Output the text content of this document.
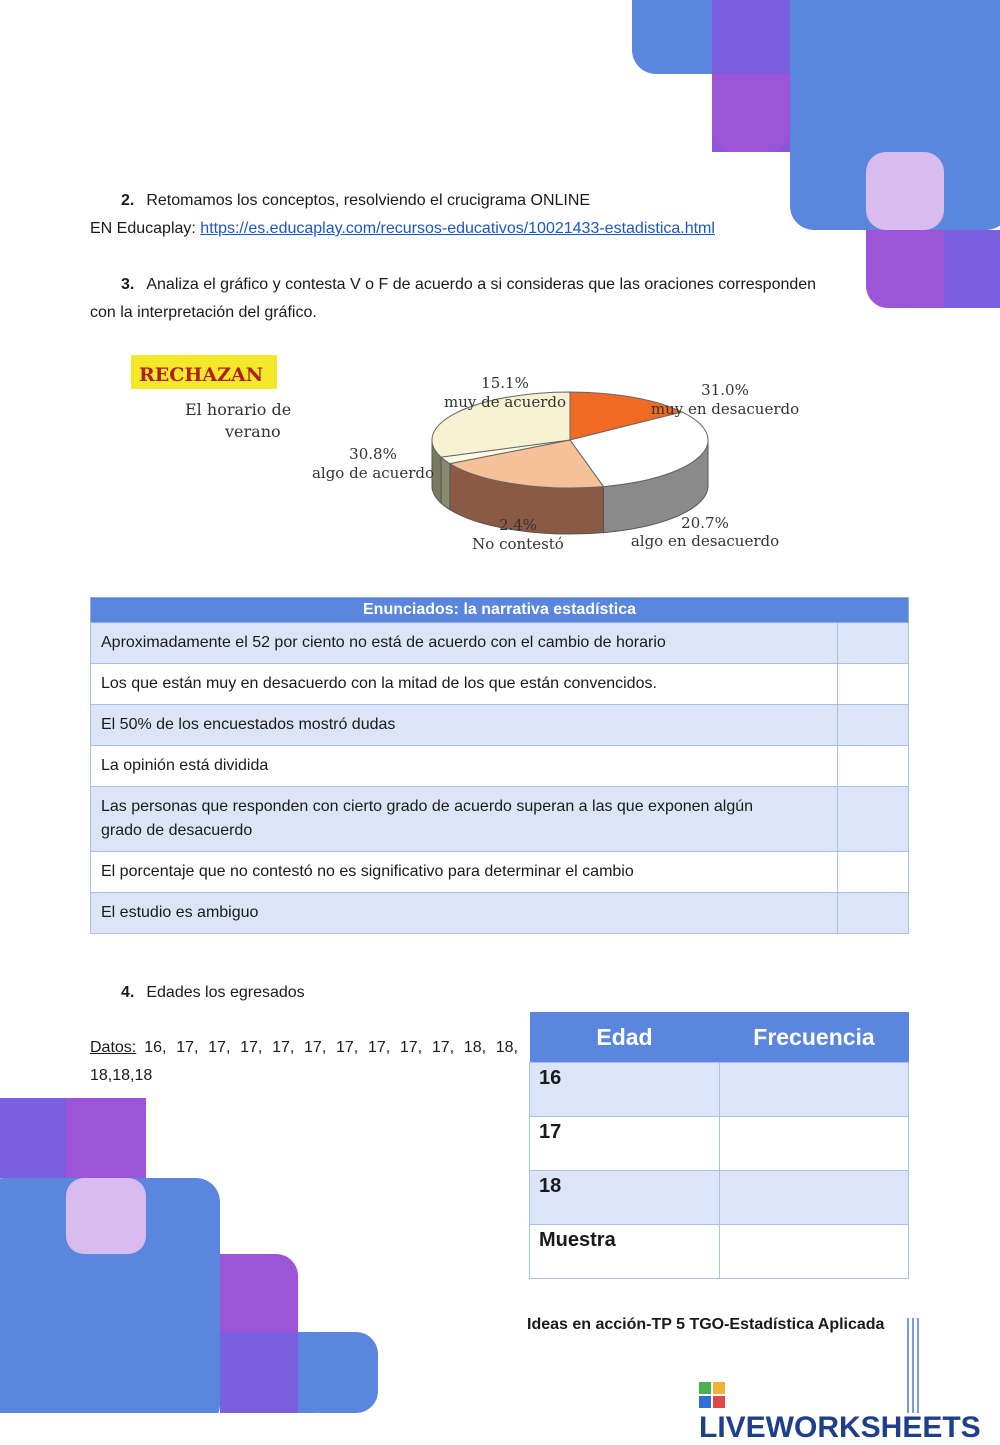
2. Retomamos los conceptos, resolviendo el crucigrama ONLINE
EN Educaplay: https://es.educaplay.com/recursos-educativos/10021433-estadistica.html
3. Analiza el gráfico y contesta V o F de acuerdo a si consideras que las oraciones corresponden
con la interpretación del gráfico.
RECHAZAN
El horario de
verano
15.1%
muy de acuerdo
31.0%
muy en desacuerdo
20.7%
algo en desacuerdo
2.4%
No contestó
30.8%
algo de acuerdo
Enunciados: la narrativa estadística	
Aproximadamente el 52 por ciento no está de acuerdo con el cambio de horario	
Los que están muy en desacuerdo con la mitad de los que están convencidos.	
El 50% de los encuestados mostró dudas	
La opinión está dividida	
Las personas que responden con cierto grado de acuerdo superan a las que exponen algún grado de desacuerdo	
El porcentaje que no contestó no es significativo para determinar el cambio	
El estudio es ambiguo	
4. Edades los egresados
Datos: 16, 17, 17, 17, 17, 17, 17, 17, 17, 17, 18, 18, 18,18,18
Edad	Frecuencia
16	
17	
18	
Muestra	
Ideas en acción-TP 5 TGO-Estadística Aplicada
LIVEWORKSHEETS
